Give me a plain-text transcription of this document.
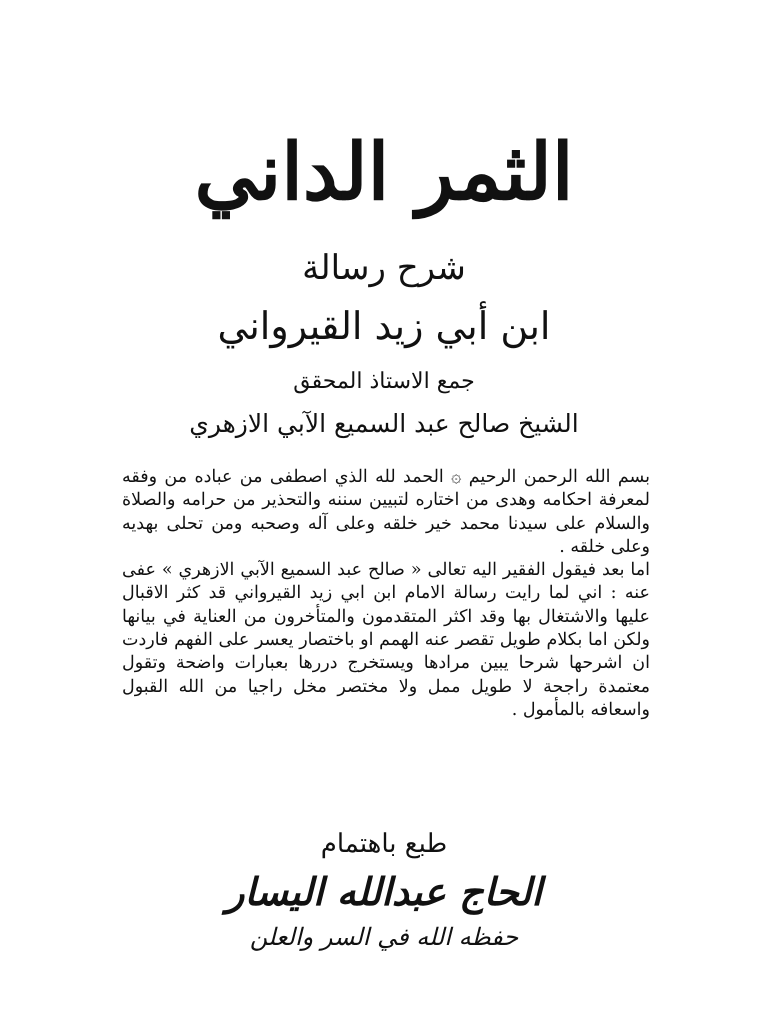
الثمر الداني
شرح رسالة
ابن أبي زيد القيرواني
جمع الاستاذ المحقق
الشيخ صالح عبد السميع الآبي الازهري

بسم الله الرحمن الرحيم ۞ الحمد لله الذي اصطفى من عباده من وفقه لمعرفة احكامه وهدى من اختاره لتبيين سننه والتحذير من حرامه والصلاة والسلام على سيدنا محمد خير خلقه وعلى آله وصحبه ومن تحلى بهديه وعلى خلقه .

اما بعد فيقول الفقير اليه تعالى « صالح عبد السميع الآبي الازهري » عفى عنه : اني لما رايت رسالة الامام ابن ابي زيد القيرواني قد كثر الاقبال عليها والاشتغال بها وقد اكثر المتقدمون والمتأخرون من العناية في بيانها ولكن اما بكلام طويل تقصر عنه الهمم او باختصار يعسر على الفهم فاردت ان اشرحها شرحا يبين مرادها ويستخرج دررها بعبارات واضحة وتقول معتمدة راجحة لا طويل ممل ولا مختصر مخل راجيا من الله القبول واسعافه بالمأمول .

طبع باهتمام
الحاج عبدالله اليسار
حفظه الله في السر والعلن
